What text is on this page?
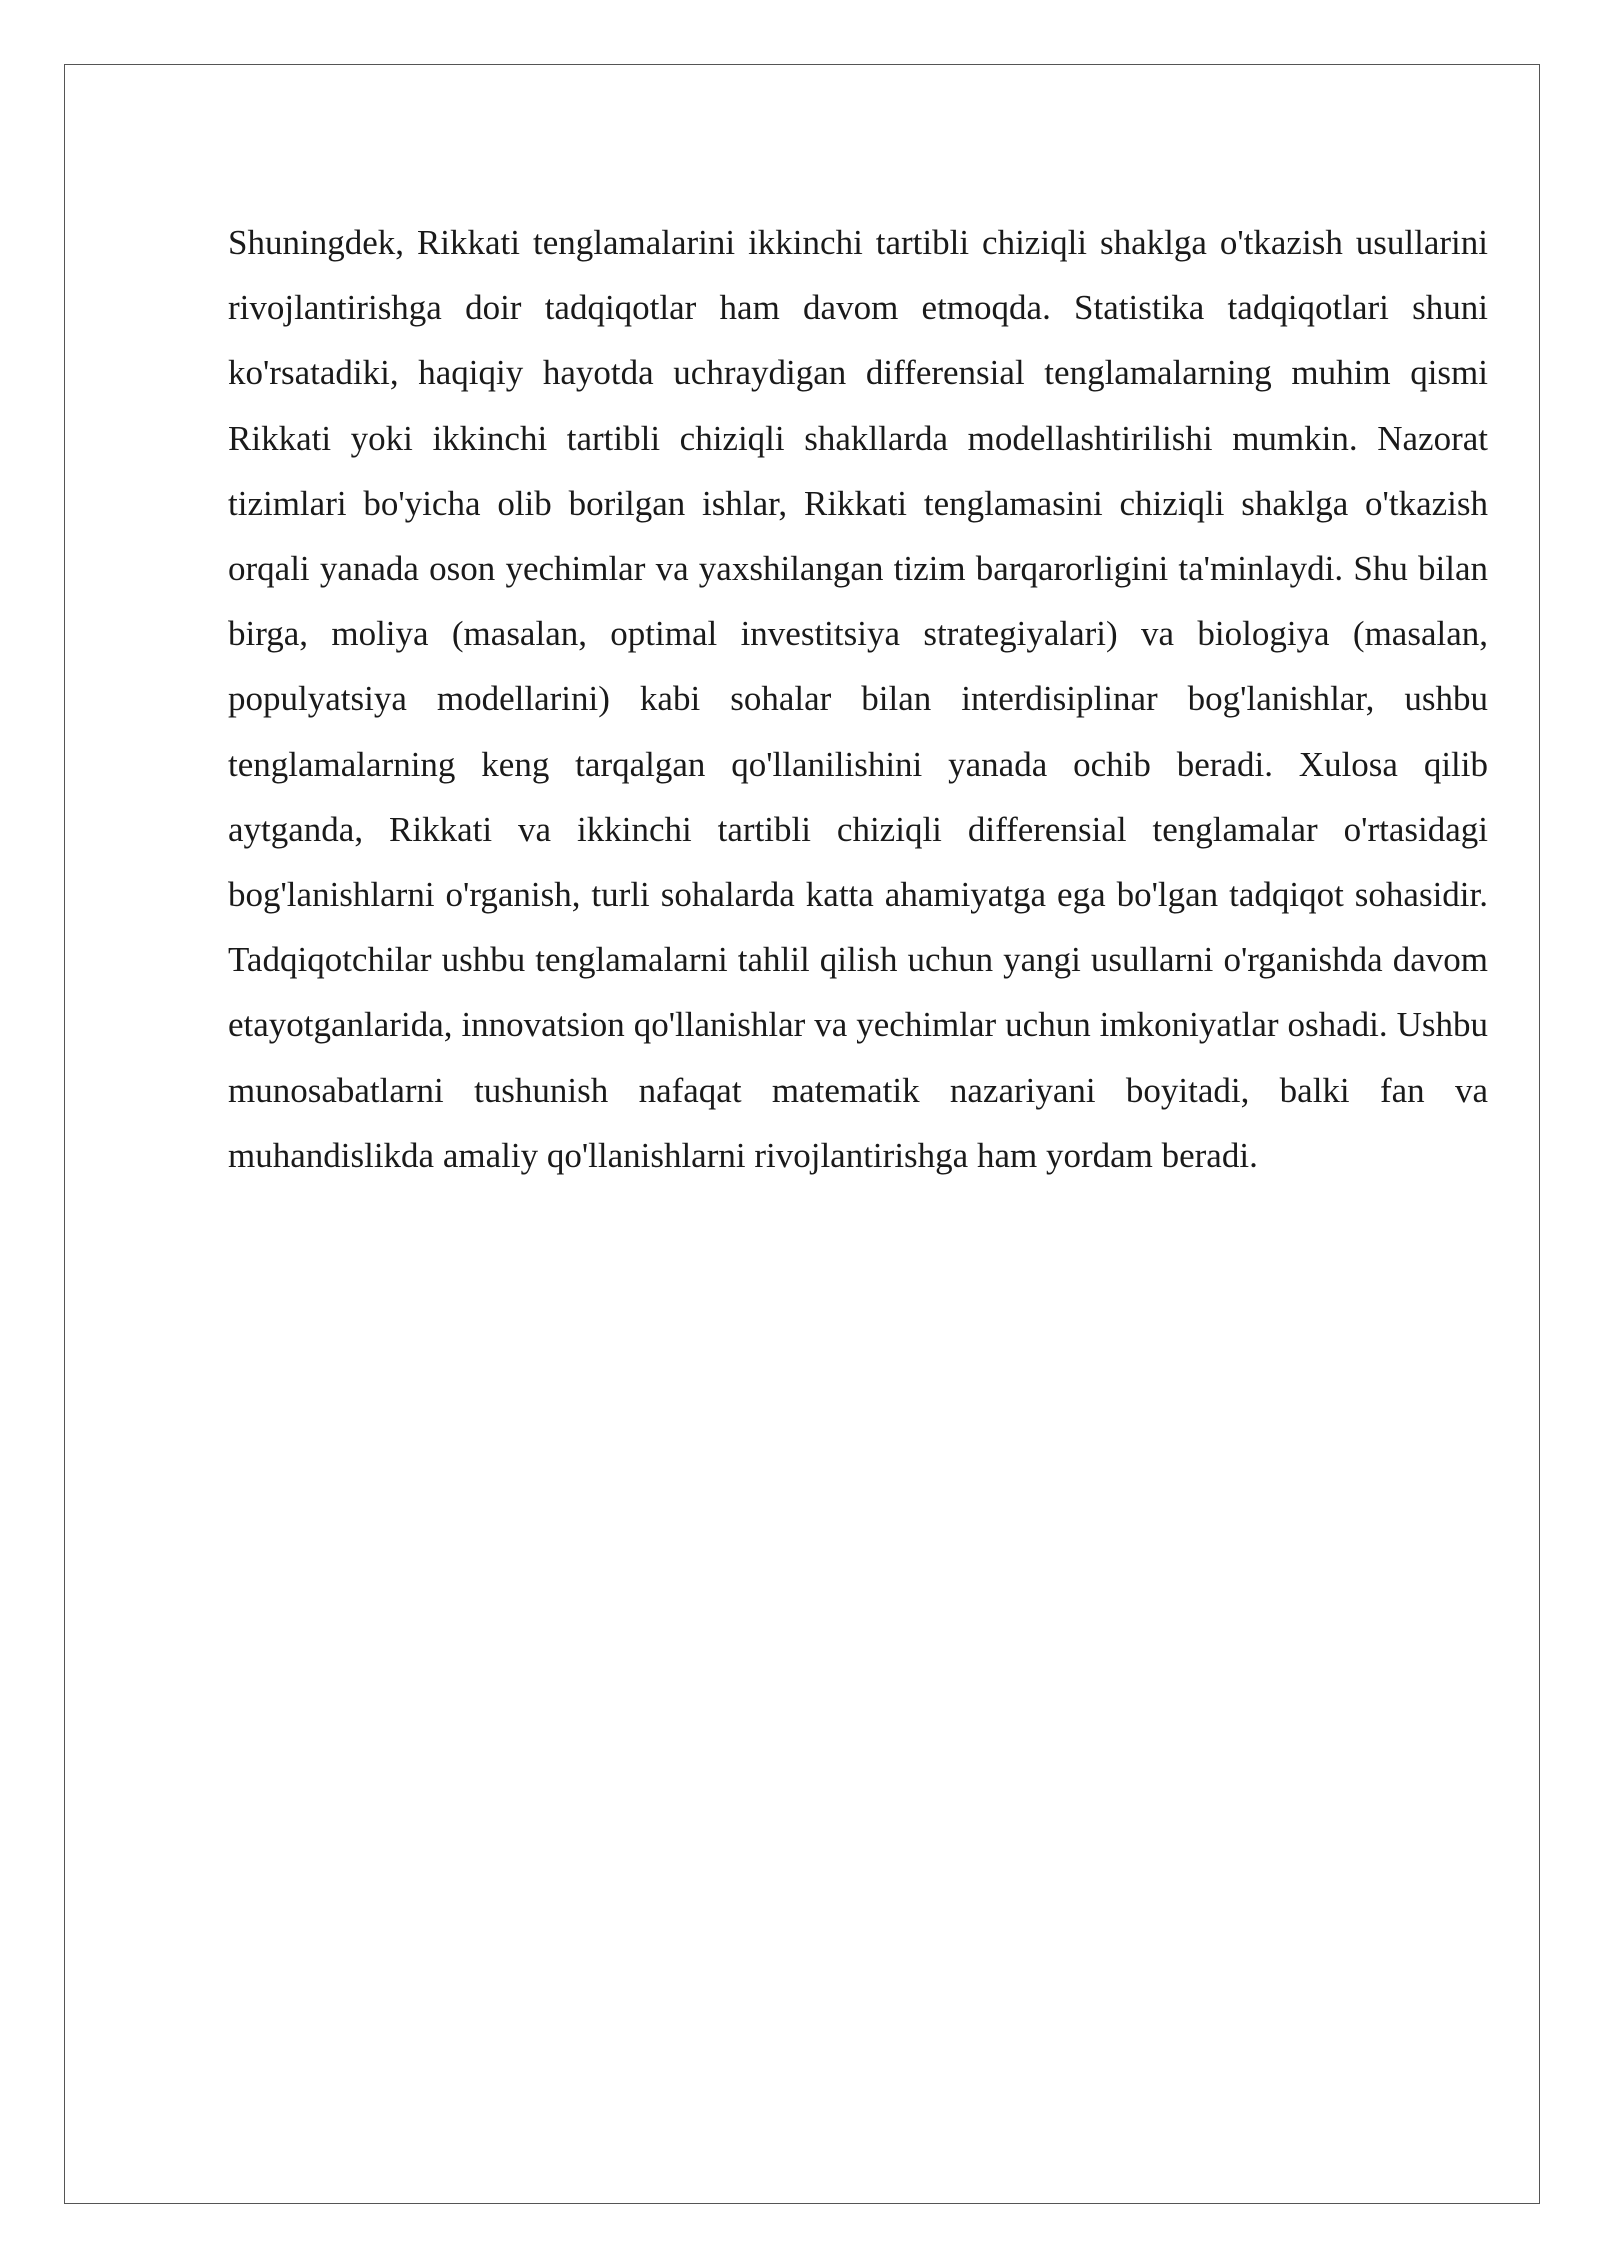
Shuningdek, Rikkati tenglamalarini ikkinchi tartibli chiziqli shaklga o'tkazish usullarini rivojlantirishga doir tadqiqotlar ham davom etmoqda. Statistika tadqiqotlari shuni ko'rsatadiki, haqiqiy hayotda uchraydigan differensial tenglamalarning muhim qismi Rikkati yoki ikkinchi tartibli chiziqli shakllarda modellashtirilishi mumkin. Nazorat tizimlari bo'yicha olib borilgan ishlar, Rikkati tenglamasini chiziqli shaklga o'tkazish orqali yanada oson yechimlar va yaxshilangan tizim barqarorligini ta'minlaydi. Shu bilan birga, moliya (masalan, optimal investitsiya strategiyalari) va biologiya (masalan, populyatsiya modellarini) kabi sohalar bilan interdisiplinar bog'lanishlar, ushbu tenglamalarning keng tarqalgan qo'llanilishini yanada ochib beradi. Xulosa qilib aytganda, Rikkati va ikkinchi tartibli chiziqli differensial tenglamalar o'rtasidagi bog'lanishlarni o'rganish, turli sohalarda katta ahamiyatga ega bo'lgan tadqiqot sohasidir. Tadqiqotchilar ushbu tenglamalarni tahlil qilish uchun yangi usullarni o'rganishda davom etayotganlarida, innovatsion qo'llanishlar va yechimlar uchun imkoniyatlar oshadi. Ushbu munosabatlarni tushunish nafaqat matematik nazariyani boyitadi, balki fan va muhandislikda amaliy qo'llanishlarni rivojlantirishga ham yordam beradi.
